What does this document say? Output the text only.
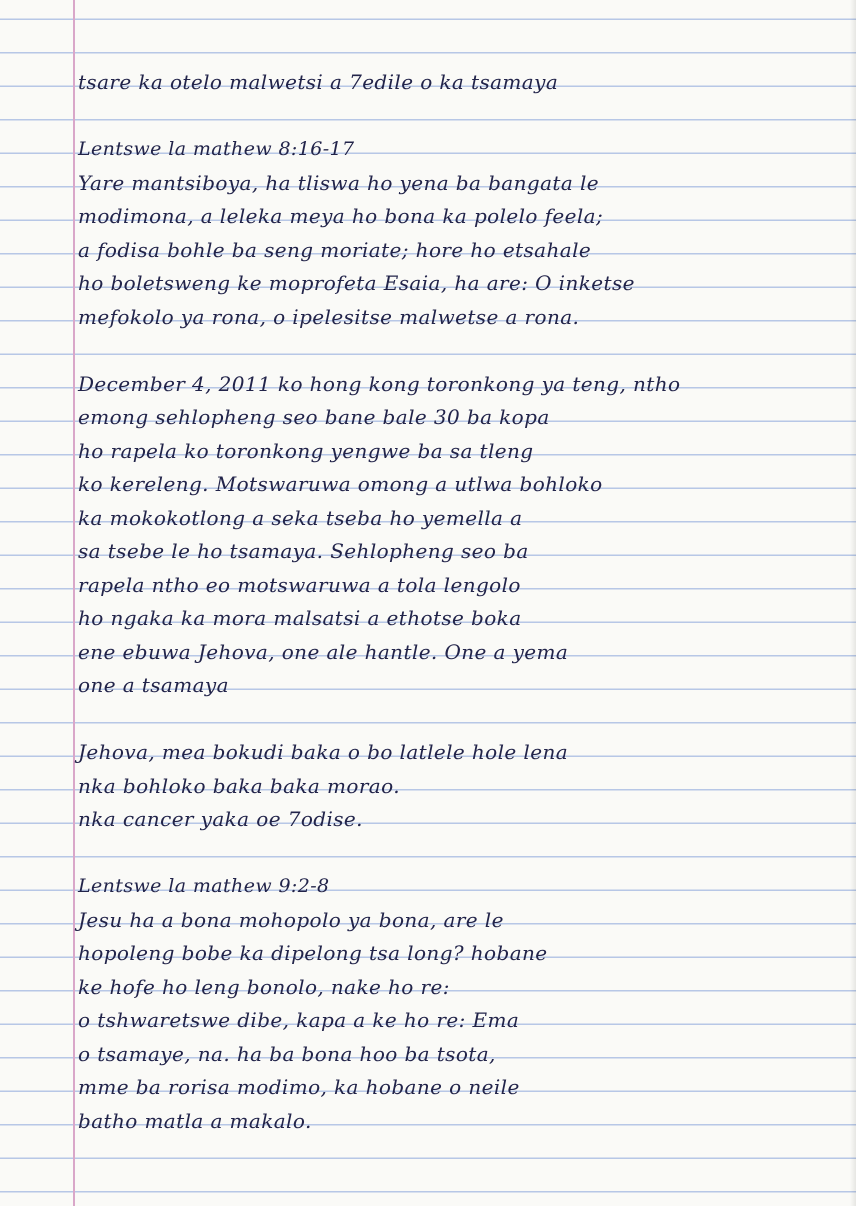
tsare ka otelo malwetsi a 7edile o ka tsamaya
Lentswe la mathew 8:16-17
Yare mantsiboya, ha tliswa ho yena ba bangata le
modimona, a leleka meya ho bona ka polelo feela;
a fodisa bohle ba seng moriate; hore ho etsahale
ho boletsweng ke moprofeta Esaia, ha are: O inketse
mefokolo ya rona, o ipelesitse malwetse a rona.
December 4, 2011 ko hong kong toronkong ya teng, ntho
emong sehlopheng seo bane bale 30 ba kopa
ho rapela ko toronkong yengwe ba sa tleng
ko kereleng. Motswaruwa omong a utlwa bohloko
ka mokokotlong a seka tseba ho yemella a
sa tsebe le ho tsamaya. Sehlopheng seo ba
rapela ntho eo motswaruwa a tola lengolo
ho ngaka ka mora malsatsi a ethotse boka
ene ebuwa Jehova, one ale hantle. One a yema
one a tsamaya
Jehova, mea bokudi baka o bo latlele hole lena
nka bohloko baka baka morao.
nka cancer yaka oe 7odise.
Lentswe la mathew 9:2-8
Jesu ha a bona mohopolo ya bona, are le
hopoleng bobe ka dipelong tsa long? hobane
ke hofe ho leng bonolo, nake ho re:
o tshwaretswe dibe, kapa a ke ho re: Ema
o tsamaye, na. ha ba bona hoo ba tsota,
mme ba rorisa modimo, ka hobane o neile
batho matla a makalo.
